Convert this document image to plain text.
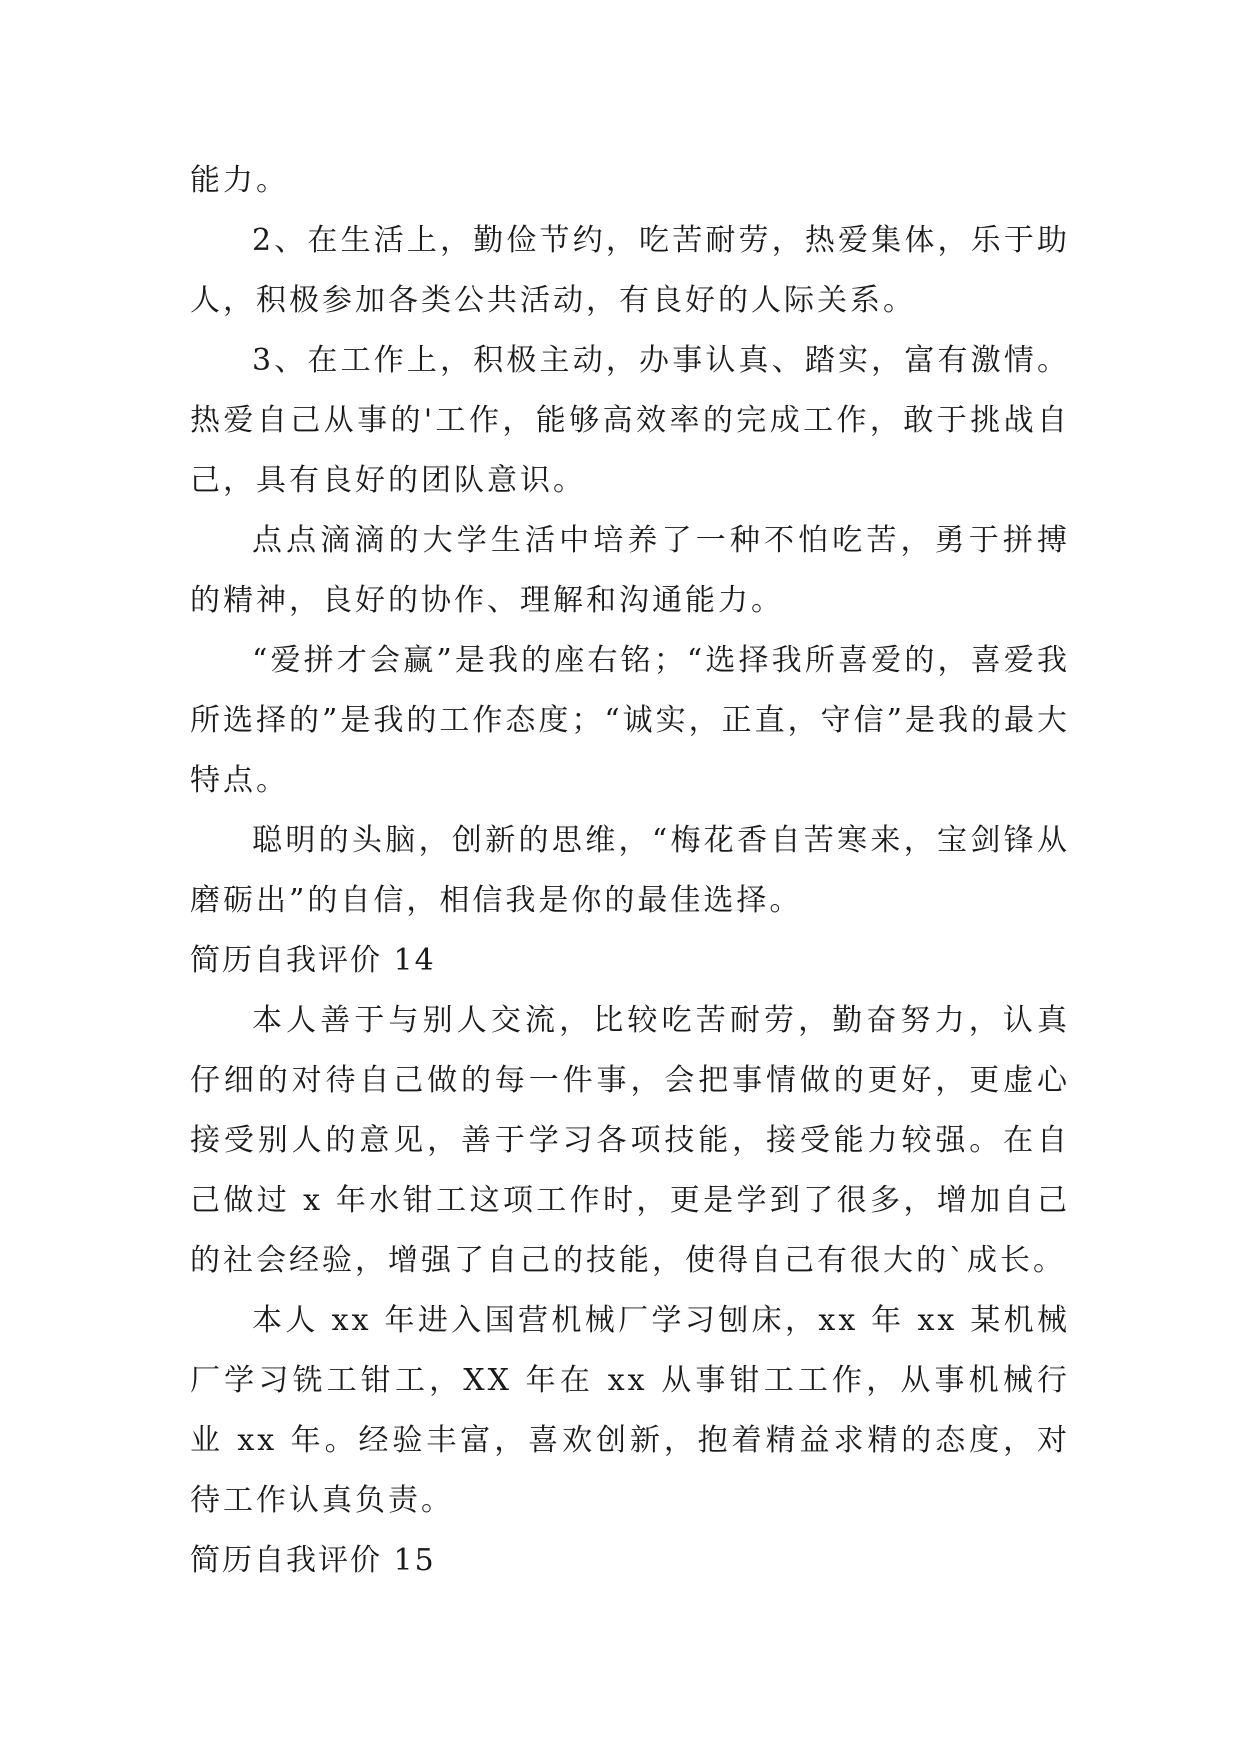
能力。

2、在生活上，勤俭节约，吃苦耐劳，热爱集体，乐于助人，积极参加各类公共活动，有良好的人际关系。

3、在工作上，积极主动，办事认真、踏实，富有激情。热爱自己从事的'工作，能够高效率的完成工作，敢于挑战自己，具有良好的团队意识。

点点滴滴的大学生活中培养了一种不怕吃苦，勇于拼搏的精神，良好的协作、理解和沟通能力。

“爱拼才会赢”是我的座右铭；“选择我所喜爱的，喜爱我所选择的”是我的工作态度；“诚实，正直，守信”是我的最大特点。

聪明的头脑，创新的思维，“梅花香自苦寒来，宝剑锋从磨砺出”的自信，相信我是你的最佳选择。

简历自我评价 14

本人善于与别人交流，比较吃苦耐劳，勤奋努力，认真仔细的对待自己做的每一件事，会把事情做的更好，更虚心接受别人的意见，善于学习各项技能，接受能力较强。在自己做过 x 年水钳工这项工作时，更是学到了很多，增加自己的社会经验，增强了自己的技能，使得自己有很大的`成长。

本人 xx 年进入国营机械厂学习刨床，xx 年 xx 某机械厂学习铣工钳工，XX 年在 xx 从事钳工工作，从事机械行业 xx 年。经验丰富，喜欢创新，抱着精益求精的态度，对待工作认真负责。

简历自我评价 15
